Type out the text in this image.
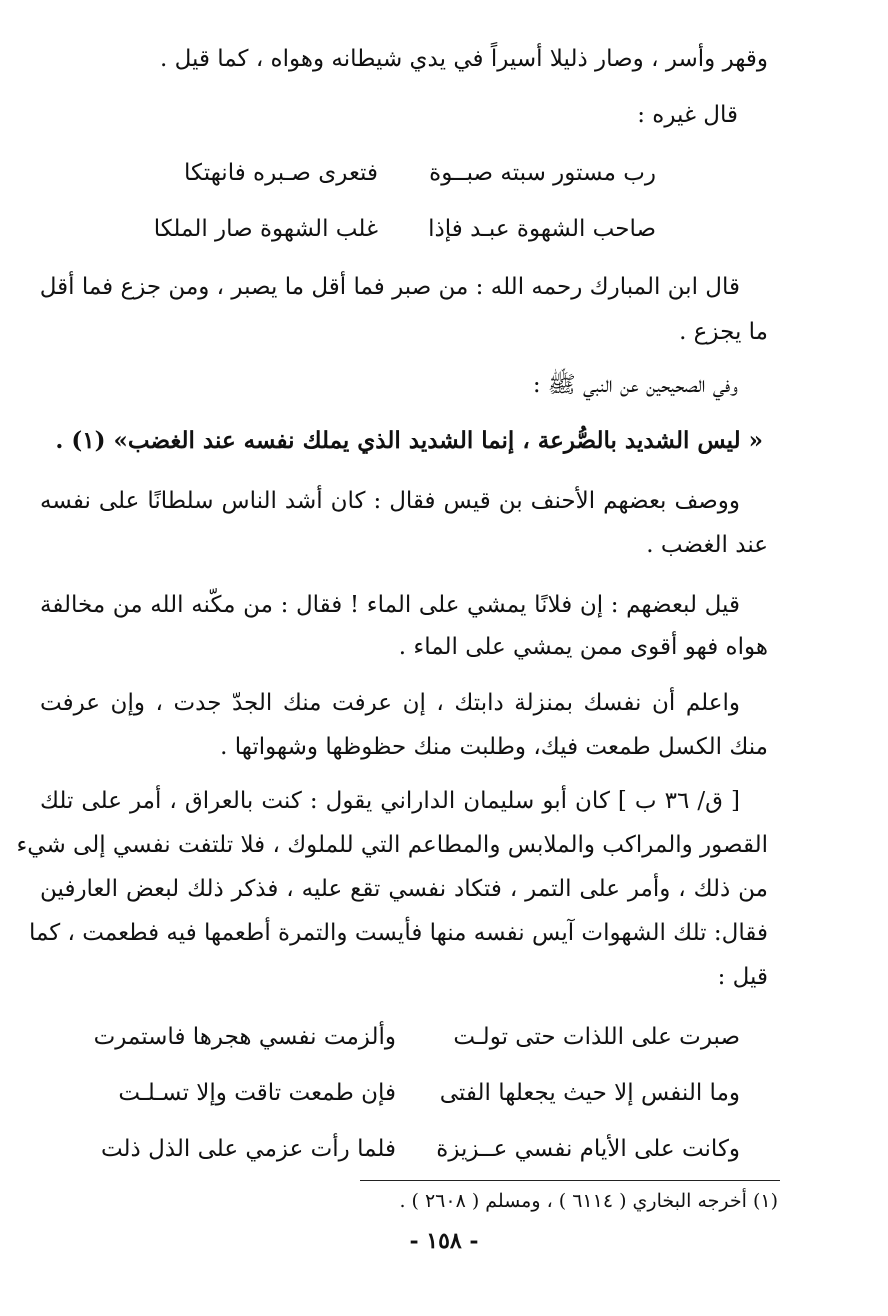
وقهر وأسر ، وصار ذليلا أسيراً في يدي شيطانه وهواه ، كما قيل .
قال غيره :
رب مستور سبته صبــوة
فتعرى صـبره فانهتكا
صاحب الشهوة عبـد فإذا
غلب الشهوة صار الملكا
قال ابن المبارك رحمه الله : من صبر فما أقل ما يصبر ، ومن جزع فما أقل
ما يجزع .
وفي الصحيحين عن النبي ﷺ :
« ليس الشديد بالصُّرعة ، إنما الشديد الذي يملك نفسه عند الغضب» (١) .
ووصف بعضهم الأحنف بن قيس فقال : كان أشد الناس سلطانًا على نفسه
عند الغضب .
قيل لبعضهم : إن فلانًا يمشي على الماء ! فقال : من مكّنه الله من مخالفة
هواه فهو أقوى ممن يمشي على الماء .
واعلم أن نفسك بمنزلة دابتك ، إن عرفت منك الجدّ جدت ، وإن عرفت
منك الكسل طمعت فيك، وطلبت منك حظوظها وشهواتها .
[ ق/ ٣٦ ب ] كان أبو سليمان الداراني يقول : كنت بالعراق ، أمر على تلك
القصور والمراكب والملابس والمطاعم التي للملوك ، فلا تلتفت نفسي إلى شيء
من ذلك ، وأمر على التمر ، فتكاد نفسي تقع عليه ، فذكر ذلك لبعض العارفين
فقال: تلك الشهوات آيس نفسه منها فأيست والتمرة أطعمها فيه فطعمت ، كما
قيل :
صبرت على اللذات حتى تولـت
وألزمت نفسي هجرها فاستمرت
وما النفس إلا حيث يجعلها الفتى
فإن طمعت تاقت وإلا تسـلـت
وكانت على الأيام نفسي عــزيزة
فلما رأت عزمي على الذل ذلت
(١) أخرجه البخاري ( ٦١١٤ ) ، ومسلم ( ٢٦٠٨ ) .
- ١٥٨ -
